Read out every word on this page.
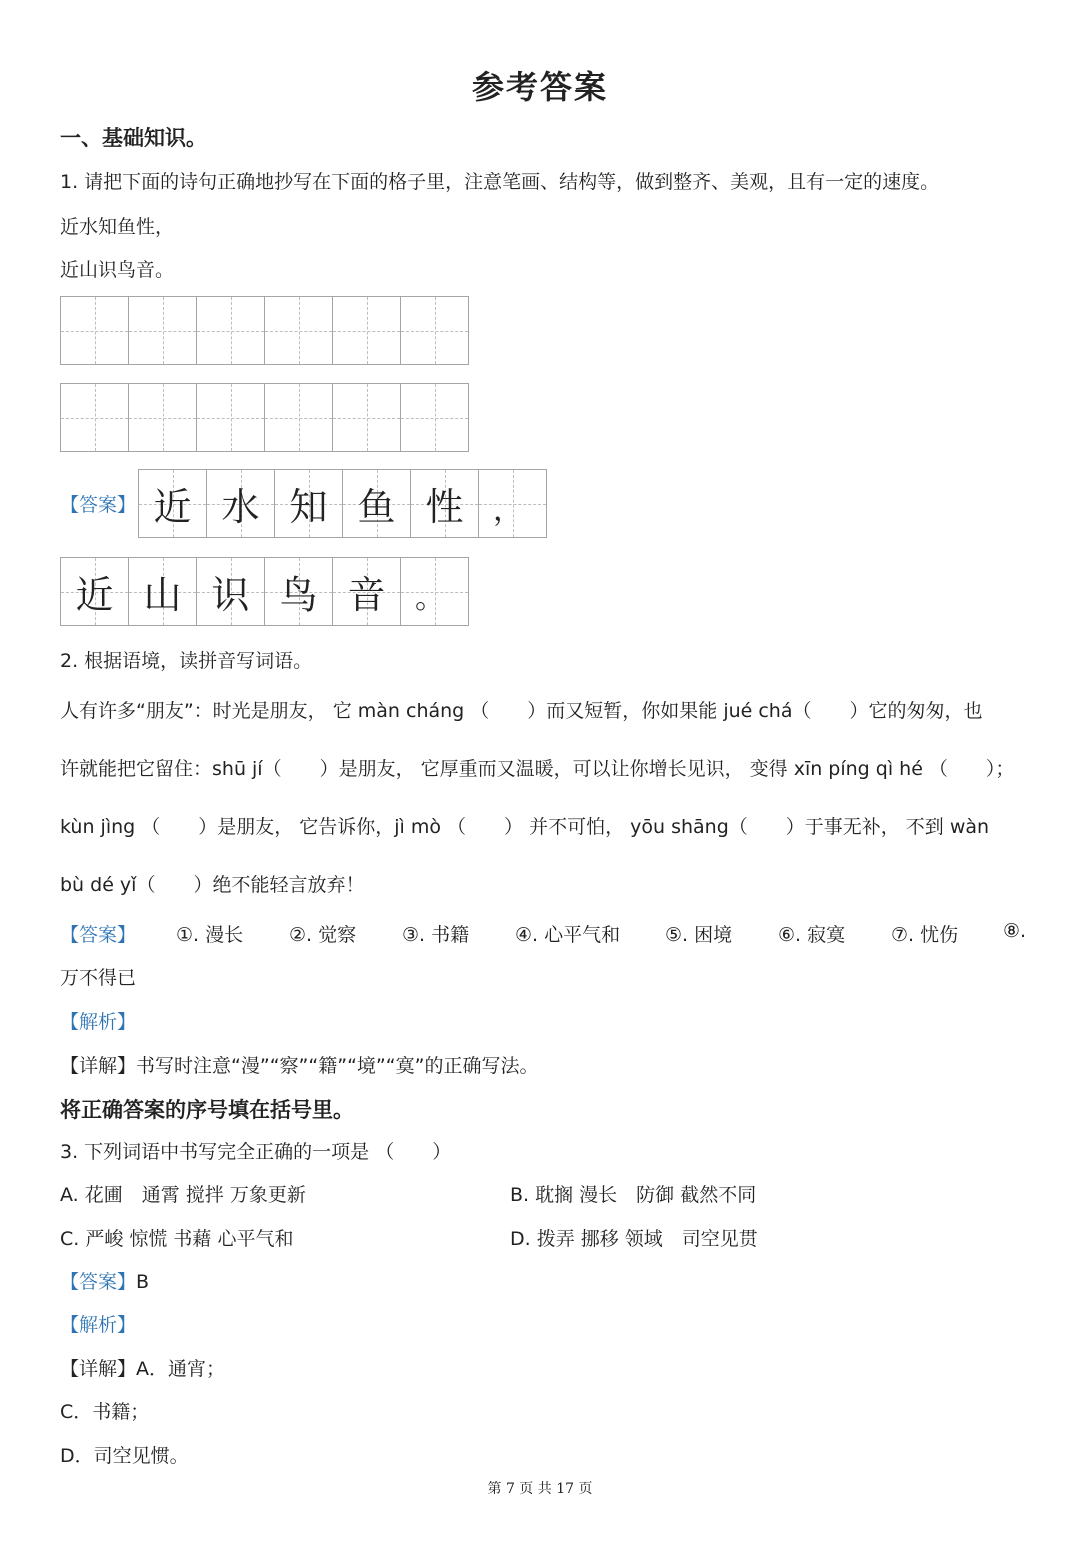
参考答案
一、基础知识。
1. 请把下面的诗句正确地抄写在下面的格子里，注意笔画、结构等，做到整齐、美观，且有一定的速度。
近水知鱼性，
近山识鸟音。
【答案】 近 水 知 鱼 性 ，
近 山 识 鸟 音 。
2. 根据语境，读拼音写词语。
人有许多“朋友”：时光是朋友， 它 màn cháng （　　）而又短暂，你如果能 jué chá（　　）它的匆匆，也
许就能把它留住：shū jí（　　）是朋友， 它厚重而又温暖，可以让你增长见识， 变得 xīn píng qì hé （　　）；
kùn jìng （　　）是朋友， 它告诉你，jì mò （　　） 并不可怕， yōu shāng（　　）于事无补， 不到 wàn
bù dé yǐ（　　）绝不能轻言放弃！
【答案】 ①. 漫长 ②. 觉察 ③. 书籍 ④. 心平气和 ⑤. 困境 ⑥. 寂寞 ⑦. 忧伤 ⑧.
万不得已
【解析】
【详解】书写时注意“漫”“察”“籍”“境”“寞”的正确写法。
将正确答案的序号填在括号里。
3. 下列词语中书写完全正确的一项是 （　　）
A. 花圃　通霄 搅拌 万象更新	B. 耽搁 漫长　防御 截然不同
C. 严峻 惊慌 书藉 心平气和	D. 拨弄 挪移 领域　司空见贯
【答案】B
【解析】
【详解】A．通宵；
C．书籍；
D．司空见惯。
第 7 页 共 17 页
